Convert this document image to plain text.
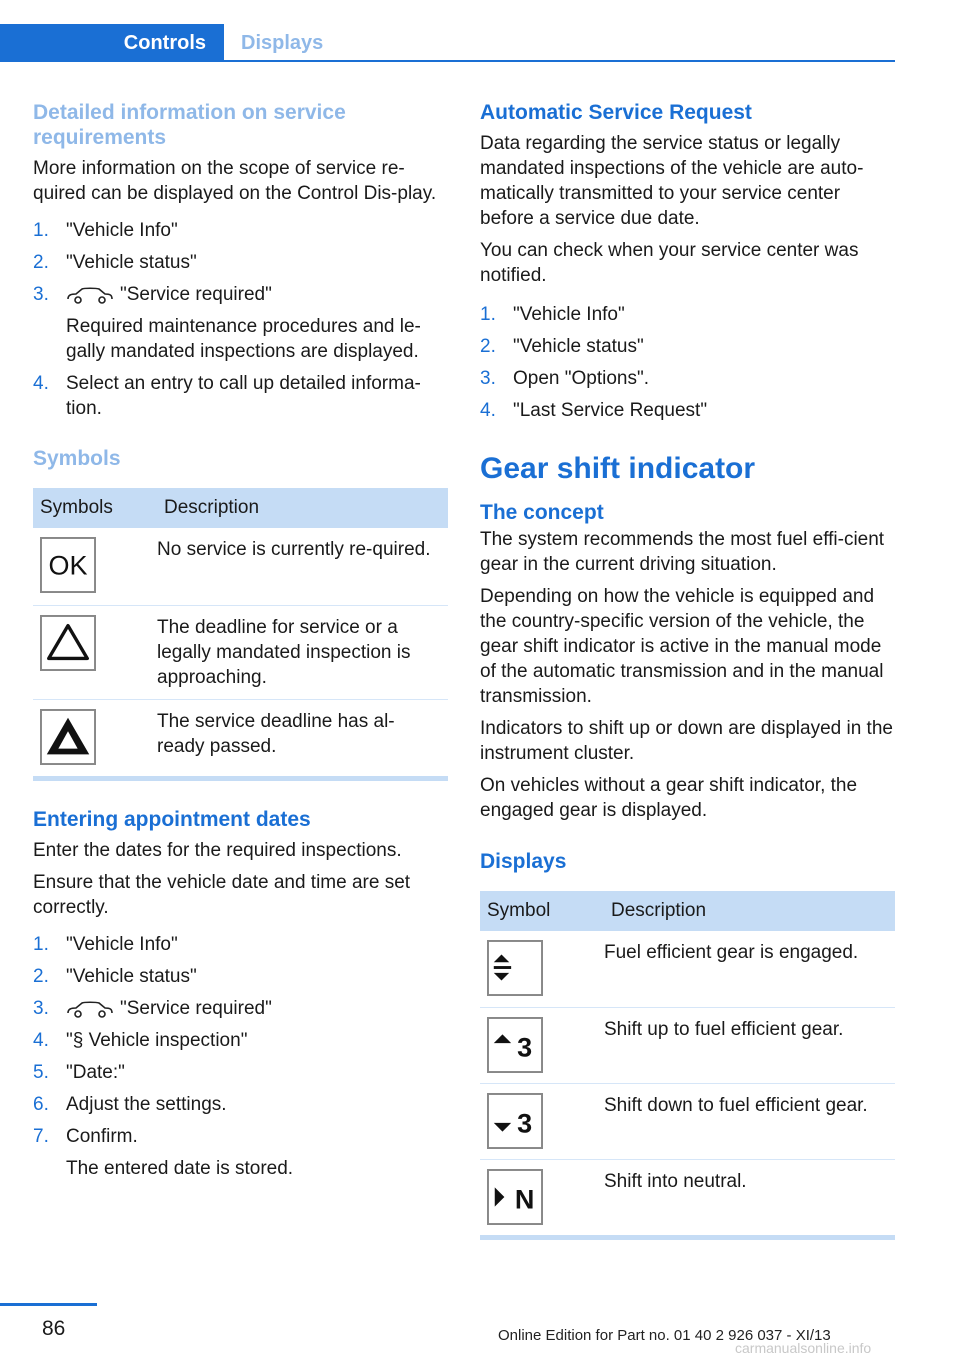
Controls	Displays
Detailed information on service requirements
More information on the scope of service re‐quired can be displayed on the Control Dis‐play.
1. "Vehicle Info"
2. "Vehicle status"
3.	"Service required"
Required maintenance procedures and le‐gally mandated inspections are displayed.
4. Select an entry to call up detailed informa‐tion.
Symbols
Symbols	Description

OK	No service is currently re‐quired.

	The deadline for service or a legally mandated inspection is approaching.

	The service deadline has al‐ready passed.
Entering appointment dates
Enter the dates for the required inspections.
Ensure that the vehicle date and time are set correctly.
1. "Vehicle Info"
2. "Vehicle status"
3.	"Service required"
4. "§ Vehicle inspection"
5. "Date:"
6. Adjust the settings.
7. Confirm.
The entered date is stored.
Automatic Service Request
Data regarding the service status or legally mandated inspections of the vehicle are auto‐matically transmitted to your service center before a service due date.
You can check when your service center was notified.
1. "Vehicle Info"
2. "Vehicle status"
3. Open "Options".
4. "Last Service Request"
Gear shift indicator
The concept
The system recommends the most fuel effi‐cient gear in the current driving situation.
Depending on how the vehicle is equipped and the country-specific version of the vehicle, the gear shift indicator is active in the manual mode of the automatic transmission and in the manual transmission.
Indicators to shift up or down are displayed in the instrument cluster.
On vehicles without a gear shift indicator, the engaged gear is displayed.
Displays
Symbol	Description

	Fuel efficient gear is engaged.

3	Shift up to fuel efficient gear.

3	Shift down to fuel efficient gear.

N	Shift into neutral.
86	Online Edition for Part no. 01 40 2 926 037 - XI/13
carmanualsonline.info
